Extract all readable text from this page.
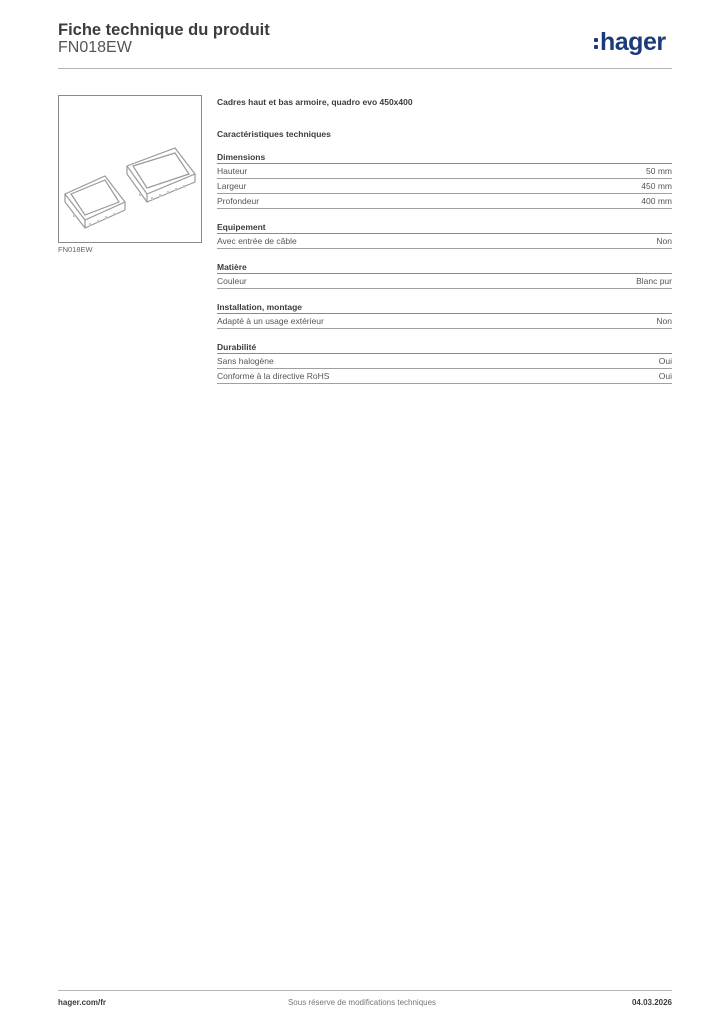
Fiche technique du produit
FN018EW	hager
FN018EW
Cadres haut et bas armoire, quadro evo 450x400
Caractéristiques techniques
Dimensions
Hauteur	50 mm
Largeur	450 mm
Profondeur	400 mm
Equipement
Avec entrée de câble	Non
Matière
Couleur	Blanc pur
Installation, montage
Adapté à un usage extérieur	Non
Durabilité
Sans halogène	Oui
Conforme à la directive RoHS	Oui
hager.com/fr	Sous réserve de modifications techniques	04.03.2026
